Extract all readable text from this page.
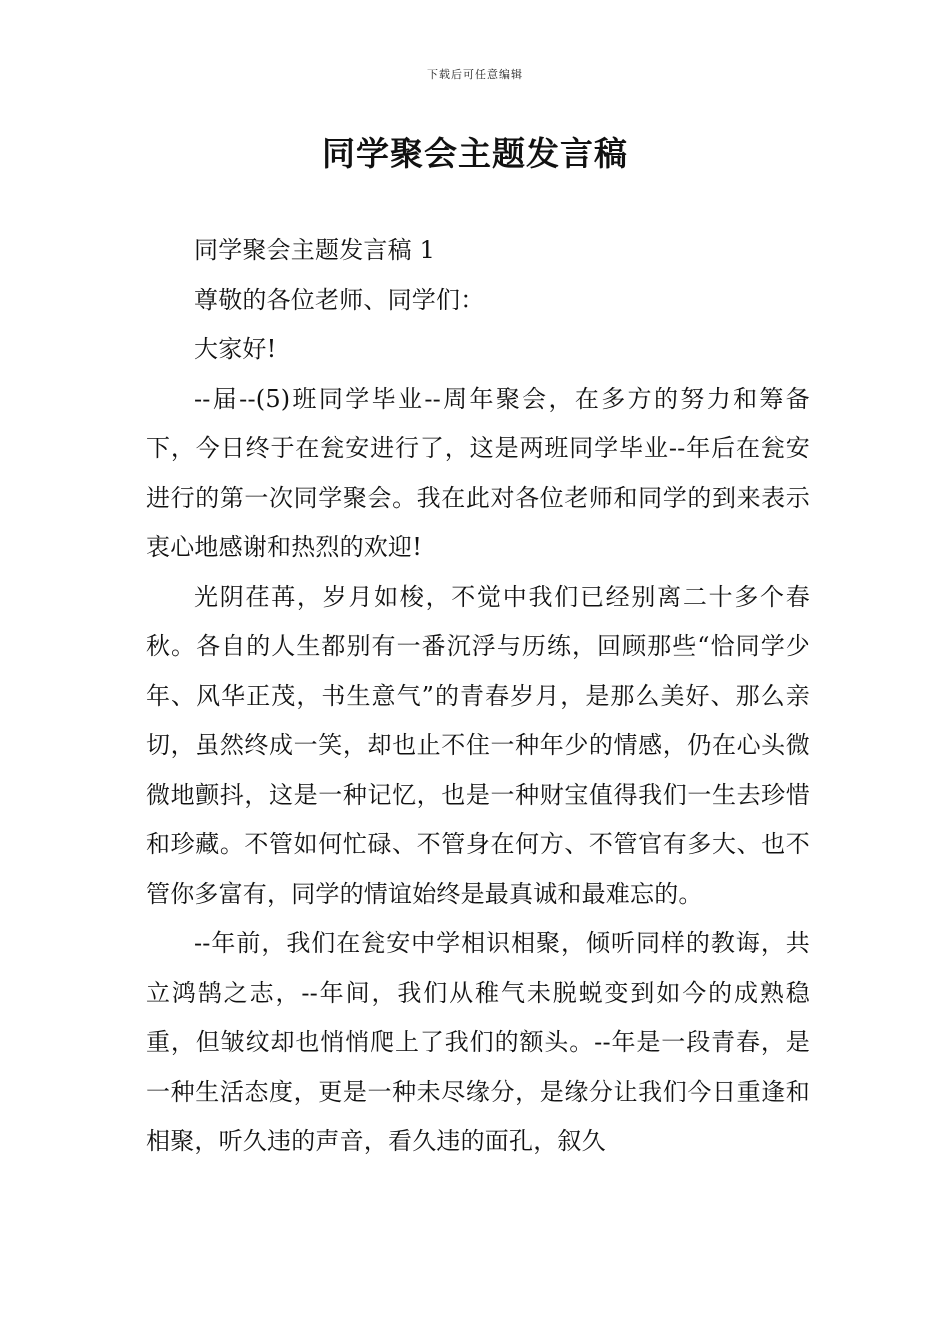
下载后可任意编辑
同学聚会主题发言稿

同学聚会主题发言稿 1

尊敬的各位老师、同学们：

大家好!

--届--(5)班同学毕业--周年聚会，在多方的努力和筹备下，今日终于在瓮安进行了，这是两班同学毕业--年后在瓮安进行的第一次同学聚会。我在此对各位老师和同学的到来表示衷心地感谢和热烈的欢迎!

光阴荏苒，岁月如梭，不觉中我们已经别离二十多个春秋。各自的人生都别有一番沉浮与历练，回顾那些“恰同学少年、风华正茂，书生意气”的青春岁月，是那么美好、那么亲切，虽然终成一笑，却也止不住一种年少的情感，仍在心头微微地颤抖，这是一种记忆，也是一种财宝值得我们一生去珍惜和珍藏。不管如何忙碌、不管身在何方、不管官有多大、也不管你多富有，同学的情谊始终是最真诚和最难忘的。

--年前，我们在瓮安中学相识相聚，倾听同样的教诲，共立鸿鹄之志，--年间，我们从稚气未脱蜕变到如今的成熟稳重，但皱纹却也悄悄爬上了我们的额头。--年是一段青春，是一种生活态度，更是一种未尽缘分，是缘分让我们今日重逢和相聚，听久违的声音，看久违的面孔，叙久
